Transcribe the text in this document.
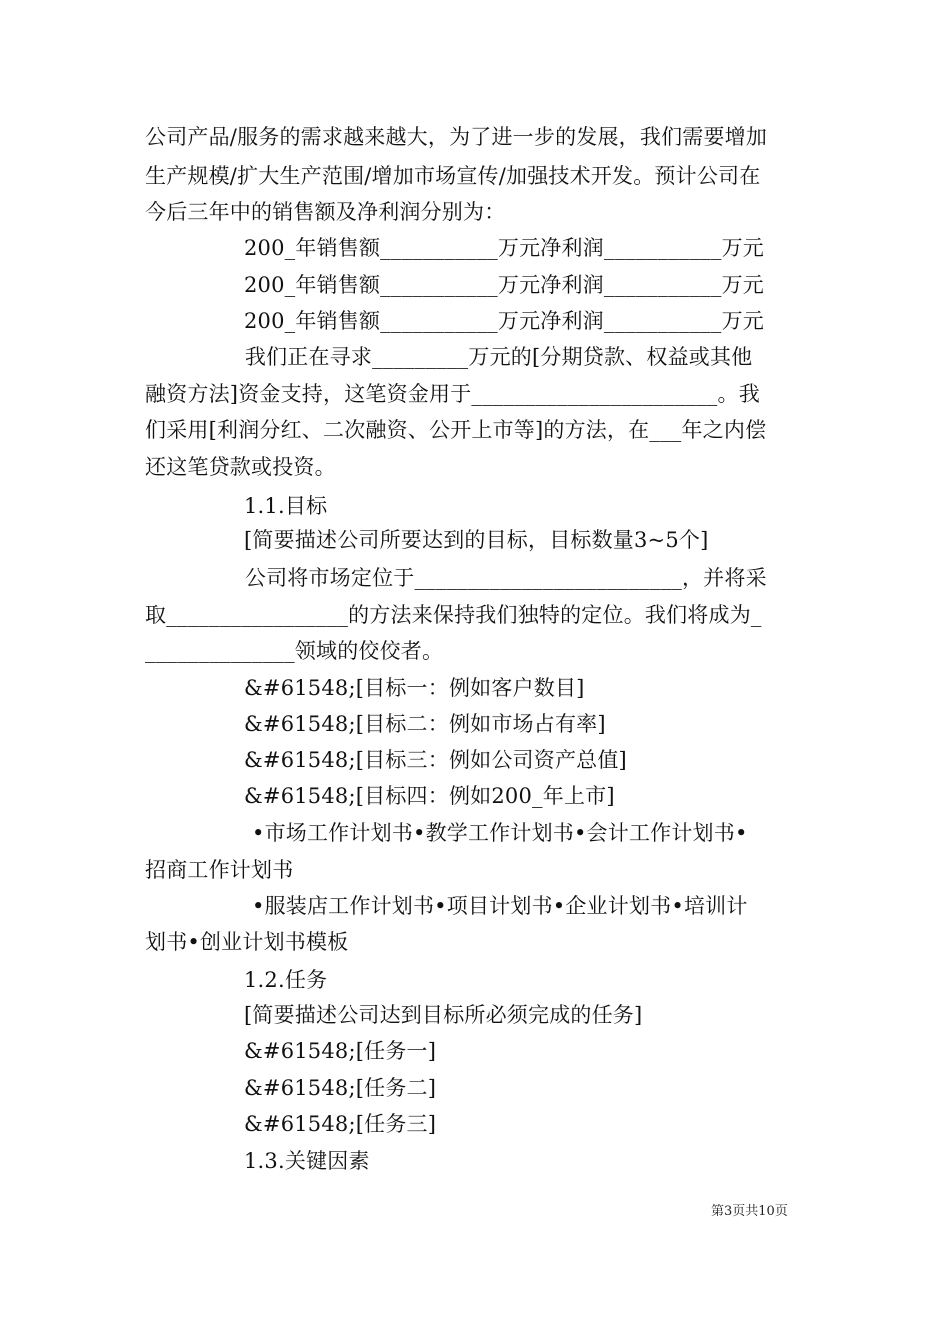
公司产品/服务的需求越来越大，为了进一步的发展，我们需要增加
生产规模/扩大生产范围/增加市场宣传/加强技术开发。预计公司在
今后三年中的销售额及净利润分别为：
200_年销售额___________万元净利润___________万元
200_年销售额___________万元净利润___________万元
200_年销售额___________万元净利润___________万元
我们正在寻求_________万元的[分期贷款、权益或其他
融资方法]资金支持，这笔资金用于_______________________。我
们采用[利润分红、二次融资、公开上市等]的方法，在___年之内偿
还这笔贷款或投资。
1.1.目标
[简要描述公司所要达到的目标，目标数量3~5个]
公司将市场定位于_________________________，并将采
取_________________的方法来保持我们独特的定位。我们将成为_
______________领域的佼佼者。
&#61548;[目标一：例如客户数目]
&#61548;[目标二：例如市场占有率]
&#61548;[目标三：例如公司资产总值]
&#61548;[目标四：例如200_年上市]
•市场工作计划书•教学工作计划书•会计工作计划书•
招商工作计划书
•服装店工作计划书•项目计划书•企业计划书•培训计
划书•创业计划书模板
1.2.任务
[简要描述公司达到目标所必须完成的任务]
&#61548;[任务一]
&#61548;[任务二]
&#61548;[任务三]
1.3.关键因素
第3页共10页
